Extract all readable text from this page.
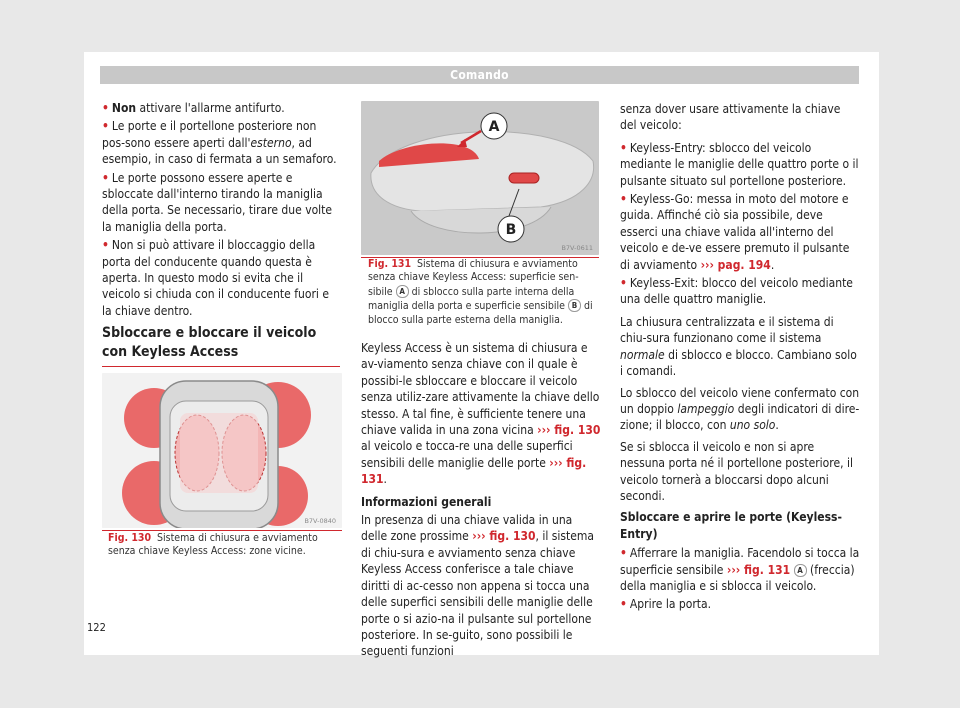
Comando

• Non attivare l'allarme antifurto.

• Le porte e il portellone posteriore non pos-sono essere aperti dall'esterno, ad esempio, in caso di fermata a un semaforo.

• Le porte possono essere aperte e sbloccate dall'interno tirando la maniglia della porta. Se necessario, tirare due volte la maniglia della porta.

• Non si può attivare il bloccaggio della porta del conducente quando questa è aperta. In questo modo si evita che il veicolo si chiuda con il conducente fuori e la chiave dentro.

Sbloccare e bloccare il veicolo con Keyless Access
B7V-0840
Fig. 130 Sistema di chiusura e avviamento senza chiave Keyless Access: zone vicine.
A
B
B7V-0611
Fig. 131 Sistema di chiusura e avviamento senza chiave Keyless Access: superficie sen-sibile A di sblocco sulla parte interna della maniglia della porta e superficie sensibile B di blocco sulla parte esterna della maniglia.

Keyless Access è un sistema di chiusura e av-viamento senza chiave con il quale è possibi-le sbloccare e bloccare il veicolo senza utiliz-zare attivamente la chiave dello stesso. A tal fine, è sufficiente tenere una chiave valida in una zona vicina ››› fig. 130 al veicolo e tocca-re una delle superfici sensibili delle maniglie delle porte ››› fig. 131.

Informazioni generali

In presenza di una chiave valida in una delle zone prossime ››› fig. 130, il sistema di chiu-sura e avviamento senza chiave Keyless Access conferisce a tale chiave diritti di ac-cesso non appena si tocca una delle superfici sensibili delle maniglie delle porte o si azio-na il pulsante sul portellone posteriore. In se-guito, sono possibili le seguenti funzioni

senza dover usare attivamente la chiave del veicolo:

• Keyless-Entry: sblocco del veicolo mediante le maniglie delle quattro porte o il pulsante situato sul portellone posteriore.

• Keyless-Go: messa in moto del motore e guida. Affinché ciò sia possibile, deve esserci una chiave valida all'interno del veicolo e de-ve essere premuto il pulsante di avviamento ››› pag. 194.

• Keyless-Exit: blocco del veicolo mediante una delle quattro maniglie.

La chiusura centralizzata e il sistema di chiu-sura funzionano come il sistema normale di sblocco e blocco. Cambiano solo i comandi.

Lo sblocco del veicolo viene confermato con un doppio lampeggio degli indicatori di dire-zione; il blocco, con uno solo.

Se si sblocca il veicolo e non si apre nessuna porta né il portellone posteriore, il veicolo tornerà a bloccarsi dopo alcuni secondi.

Sbloccare e aprire le porte (Keyless-Entry)

• Afferrare la maniglia. Facendolo si tocca la superficie sensibile ››› fig. 131 A (freccia) della maniglia e si sblocca il veicolo.

• Aprire la porta.

122
